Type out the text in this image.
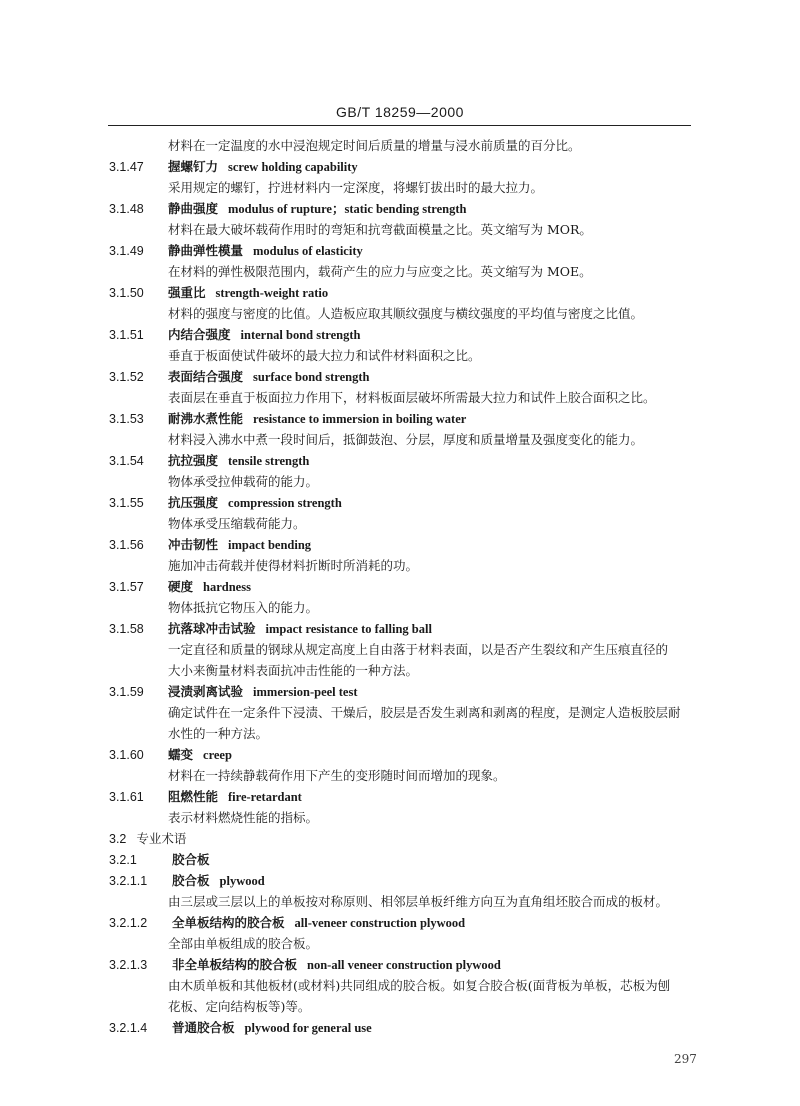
GB/T 18259—2000
材料在一定温度的水中浸泡规定时间后质量的增量与浸水前质量的百分比。
3.1.47 握螺钉力 screw holding capability
采用规定的螺钉，拧进材料内一定深度，将螺钉拔出时的最大拉力。
3.1.48 静曲强度 modulus of rupture；static bending strength
材料在最大破坏载荷作用时的弯矩和抗弯截面模量之比。英文缩写为 MOR。
3.1.49 静曲弹性模量 modulus of elasticity
在材料的弹性极限范围内，载荷产生的应力与应变之比。英文缩写为 MOE。
3.1.50 强重比 strength-weight ratio
材料的强度与密度的比值。人造板应取其顺纹强度与横纹强度的平均值与密度之比值。
3.1.51 内结合强度 internal bond strength
垂直于板面使试件破坏的最大拉力和试件材料面积之比。
3.1.52 表面结合强度 surface bond strength
表面层在垂直于板面拉力作用下，材料板面层破坏所需最大拉力和试件上胶合面积之比。
3.1.53 耐沸水煮性能 resistance to immersion in boiling water
材料浸入沸水中煮一段时间后，抵御鼓泡、分层，厚度和质量增量及强度变化的能力。
3.1.54 抗拉强度 tensile strength
物体承受拉伸载荷的能力。
3.1.55 抗压强度 compression strength
物体承受压缩载荷能力。
3.1.56 冲击韧性 impact bending
施加冲击荷载并使得材料折断时所消耗的功。
3.1.57 硬度 hardness
物体抵抗它物压入的能力。
3.1.58 抗落球冲击试验 impact resistance to falling ball
一定直径和质量的钢球从规定高度上自由落于材料表面，以是否产生裂纹和产生压痕直径的
大小来衡量材料表面抗冲击性能的一种方法。
3.1.59 浸渍剥离试验 immersion-peel test
确定试件在一定条件下浸渍、干燥后，胶层是否发生剥离和剥离的程度，是测定人造板胶层耐
水性的一种方法。
3.1.60 蠕变 creep
材料在一持续静载荷作用下产生的变形随时间而增加的现象。
3.1.61 阻燃性能 fire-retardant
表示材料燃烧性能的指标。
3.2 专业术语
3.2.1	胶合板
3.2.1.1 胶合板 plywood
由三层或三层以上的单板按对称原则、相邻层单板纤维方向互为直角组坯胶合而成的板材。
3.2.1.2 全单板结构的胶合板 all-veneer construction plywood
全部由单板组成的胶合板。
3.2.1.3 非全单板结构的胶合板 non-all veneer construction plywood
由木质单板和其他板材(或材料)共同组成的胶合板。如复合胶合板(面背板为单板，芯板为刨
花板、定向结构板等)等。
3.2.1.4 普通胶合板 plywood for general use
297
